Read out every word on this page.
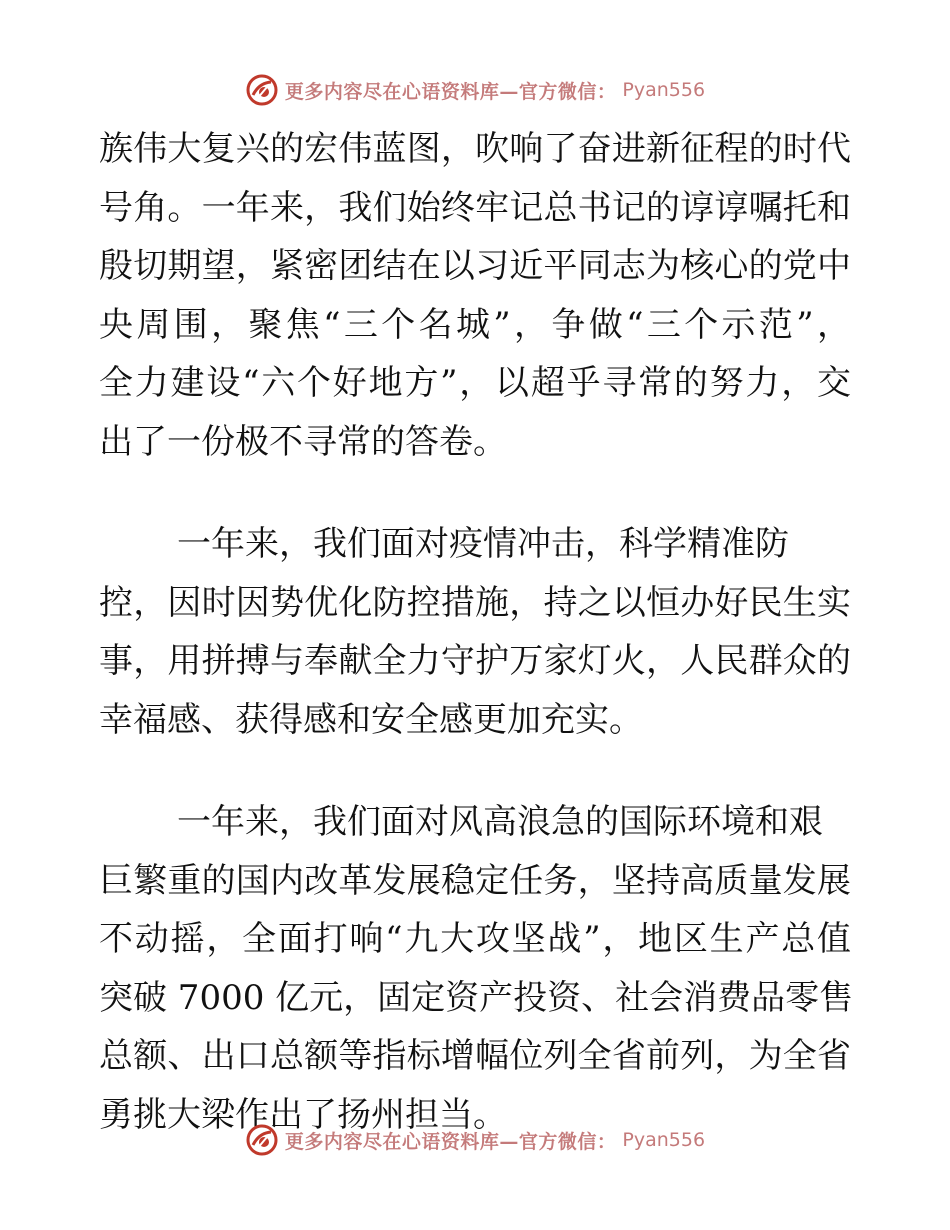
更多内容尽在心语资料库—官方微信： Pyan556
族伟大复兴的宏伟蓝图，吹响了奋进新征程的时代
号角。一年来，我们始终牢记总书记的谆谆嘱托和
殷切期望，紧密团结在以习近平同志为核心的党中
央周围，聚焦“三个名城”，争做“三个示范”，
全力建设“六个好地方”，以超乎寻常的努力，交
出了一份极不寻常的答卷。
一年来，我们面对疫情冲击，科学精准防
控，因时因势优化防控措施，持之以恒办好民生实
事，用拼搏与奉献全力守护万家灯火，人民群众的
幸福感、获得感和安全感更加充实。
一年来，我们面对风高浪急的国际环境和艰
巨繁重的国内改革发展稳定任务，坚持高质量发展
不动摇，全面打响“九大攻坚战”，地区生产总值
突破 7000 亿元，固定资产投资、社会消费品零售
总额、出口总额等指标增幅位列全省前列，为全省
勇挑大梁作出了扬州担当。
更多内容尽在心语资料库—官方微信： Pyan556
